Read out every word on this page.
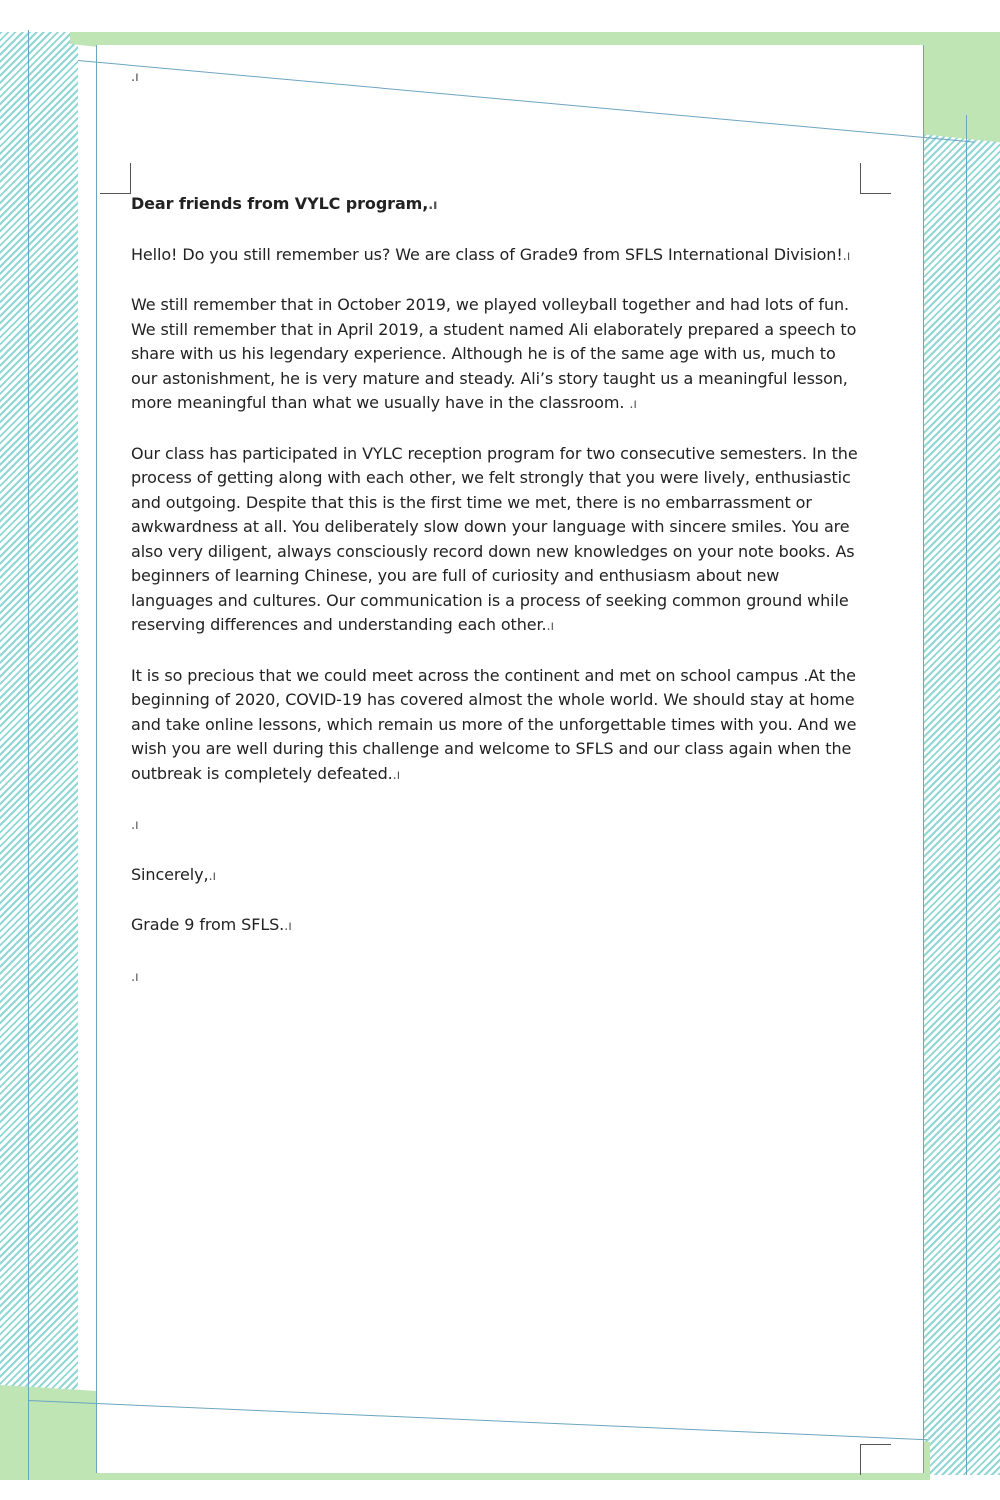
.ı

Dear friends from VYLC program,.ı

Hello! Do you still remember us? We are class of Grade9 from SFLS International Division!.ı

We still remember that in October 2019, we played volleyball together and had lots of fun. We still remember that in April 2019, a student named Ali elaborately prepared a speech to share with us his legendary experience. Although he is of the same age with us, much to our astonishment, he is very mature and steady. Ali’s story taught us a meaningful lesson, more meaningful than what we usually have in the classroom. .ı

Our class has participated in VYLC reception program for two consecutive semesters. In the process of getting along with each other, we felt strongly that you were lively, enthusiastic and outgoing. Despite that this is the first time we met, there is no embarrassment or awkwardness at all. You deliberately slow down your language with sincere smiles. You are also very diligent, always consciously record down new knowledges on your note books. As beginners of learning Chinese, you are full of curiosity and enthusiasm about new languages and cultures. Our communication is a process of seeking common ground while reserving differences and understanding each other..ı

It is so precious that we could meet across the continent and met on school campus .At the beginning of 2020, COVID-19 has covered almost the whole world. We should stay at home and take online lessons, which remain us more of the unforgettable times with you. And we wish you are well during this challenge and welcome to SFLS and our class again when the outbreak is completely defeated..ı

.ı

Sincerely,.ı

Grade 9 from SFLS..ı

.ı
